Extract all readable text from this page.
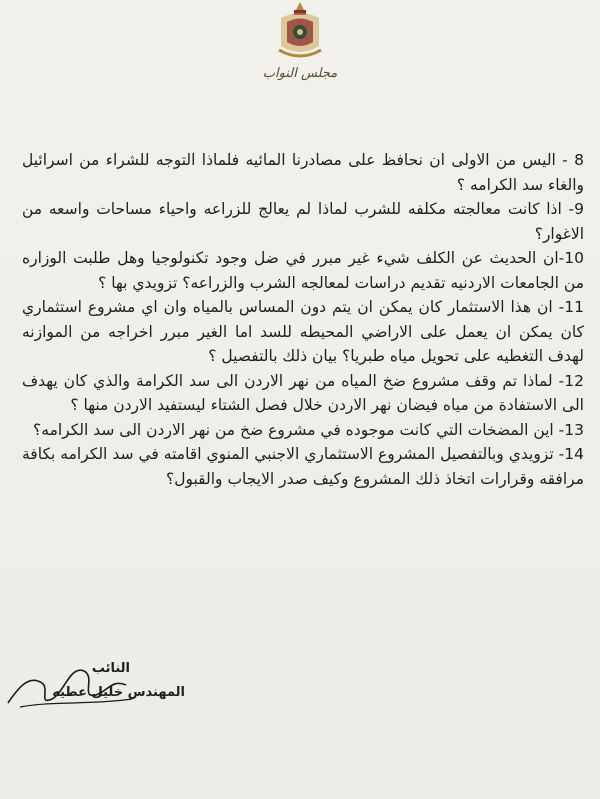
مجلس النواب

8 - اليس من الاولى ان نحافظ على مصادرنا المائيه فلماذا التوجه للشراء من اسرائيل والغاء سد الكرامه ؟

9- اذا كانت معالجته مكلفه للشرب لماذا لم يعالج للزراعه واحياء مساحات واسعه من الاغوار؟

10-ان الحديث عن الكلف شيء غير مبرر في ضل وجود تكنولوجيا وهل طلبت الوزاره من الجامعات الاردنيه تقديم دراسات لمعالجه الشرب والزراعه؟ تزويدي بها ؟

11- ان هذا الاستثمار كان يمكن ان يتم دون المساس بالمياه وان اي مشروع استثماري كان يمكن ان يعمل على الاراضي المحيطه للسد اما الغير مبرر اخراجه من الموازنه لهدف التغطيه على تحويل مياه طبريا؟ بيان ذلك بالتفصيل ؟

12- لماذا تم وقف مشروع ضخ المياه من نهر الاردن الى سد الكرامة والذي كان يهدف الى الاستفادة من مياه فيضان نهر الاردن خلال فصل الشتاء ليستفيد الاردن منها ؟

13- اين المضخات التي كانت موجوده في مشروع ضخ من نهر الاردن الى سد الكرامه؟

14- تزويدي وبالتفصيل المشروع الاستثماري الاجنبي المنوي اقامته في سد الكرامه بكافة مرافقه وقرارات اتخاذ ذلك المشروع وكيف صدر الايجاب والقبول؟

النائب
المهندس خليل عطيه
